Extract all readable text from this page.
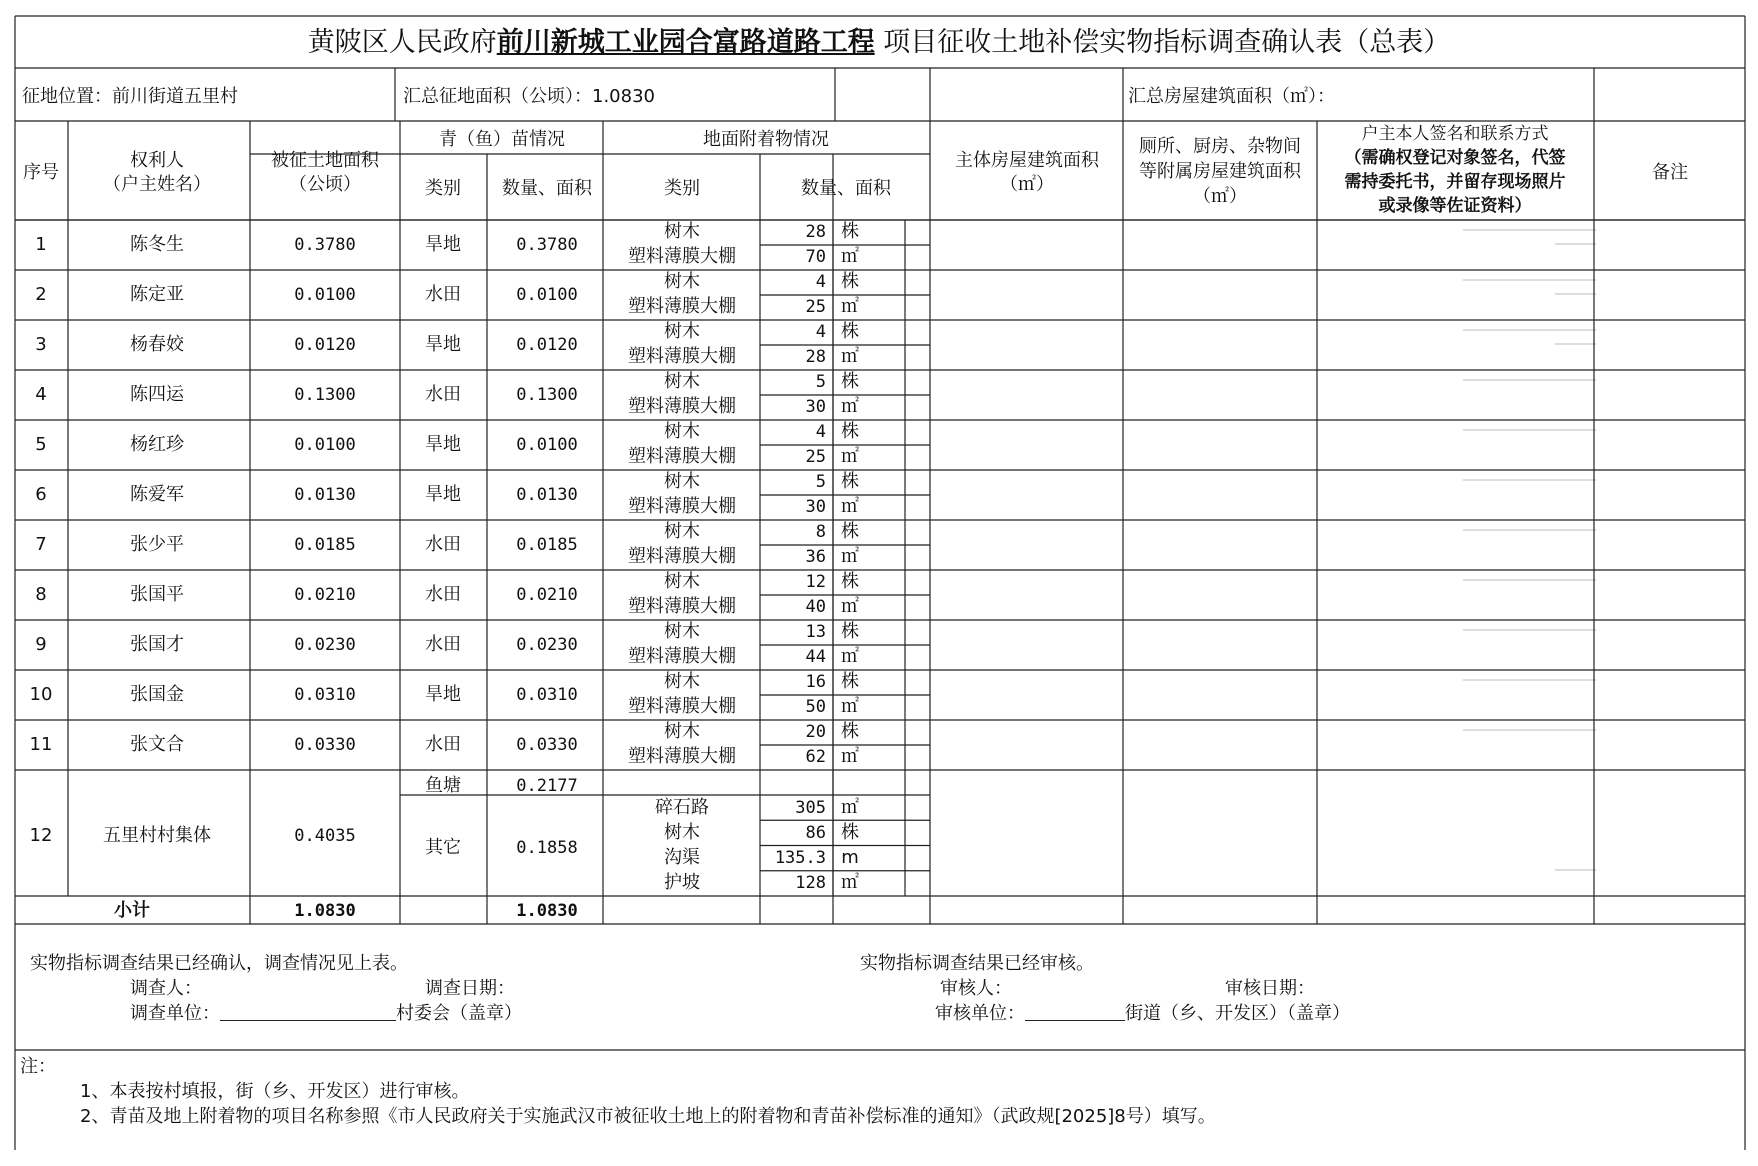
黄陂区人民政府前川新城工业园合富路道路工程 项目征收土地补偿实物指标调查确认表（总表）
征地位置：前川街道五里村	汇总征地面积（公顷）：1.0830	汇总房屋建筑面积（㎡）：
序号
权利人
（户主姓名）
被征土地面积
（公顷）
青（鱼）苗情况
类别 数量、面积
地面附着物情况
类别	数量、面积
主体房屋建筑面积
（㎡）
厕所、厨房、杂物间
等附属房屋建筑面积
（㎡）
户主本人签名和联系方式
（需确权登记对象签名，代签
需持委托书，并留存现场照片
或录像等佐证资料）
备注
1	陈冬生	0.3780	旱地	0.3780
树木	28 株
塑料薄膜大棚	70 ㎡
2	陈定亚	0.0100	水田	0.0100
树木	4 株
塑料薄膜大棚	25 ㎡
3	杨春姣	0.0120	旱地	0.0120
树木	4 株
塑料薄膜大棚	28 ㎡
4	陈四运	0.1300	水田	0.1300
树木	5 株
塑料薄膜大棚	30 ㎡
5	杨红珍	0.0100	旱地	0.0100
树木	4 株
塑料薄膜大棚	25 ㎡
6	陈爱军	0.0130	旱地	0.0130
树木	5 株
塑料薄膜大棚	30 ㎡
7	张少平	0.0185	水田	0.0185
树木	8 株
塑料薄膜大棚	36 ㎡
8	张国平	0.0210	水田	0.0210
树木	12 株
塑料薄膜大棚	40 ㎡
9	张国才	0.0230	水田	0.0230
树木	13 株
塑料薄膜大棚	44 ㎡
10	张国金	0.0310	旱地	0.0310
树木	16 株
塑料薄膜大棚	50 ㎡
11	张文合	0.0330	水田	0.0330
树木	20 株
塑料薄膜大棚	62 ㎡
12	五里村村集体	0.4035
鱼塘	0.2177
其它	0.1858
碎石路	305 ㎡
树木	86 株
沟渠	135.3 m
护坡	128 ㎡
小计	1.0830	1.0830
实物指标调查结果已经确认，调查情况见上表。
调查人：	调查日期：
调查单位：	村委会（盖章）
实物指标调查结果已经审核。
审核人：	审核日期：
审核单位：	街道（乡、开发区）（盖章）
注：
1、本表按村填报，街（乡、开发区）进行审核。
2、青苗及地上附着物的项目名称参照《市人民政府关于实施武汉市被征收土地上的附着物和青苗补偿标准的通知》（武政规[2025]8号）填写。
